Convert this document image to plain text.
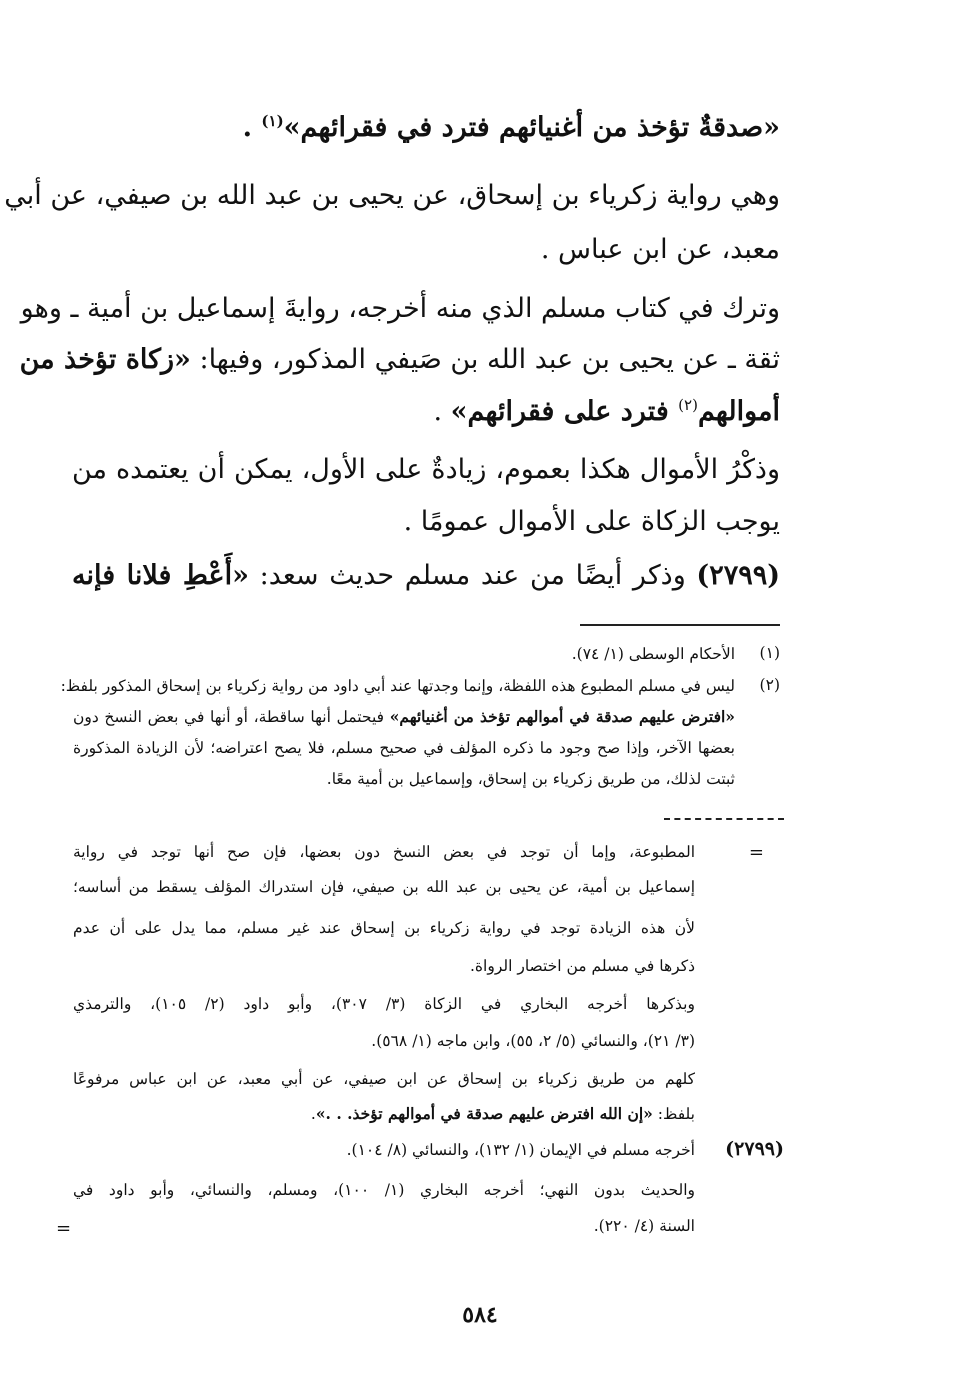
«صدقةٌ تؤخذ من أغنيائهم فترد في فقرائهم»$^{(١)}$ .
وهي رواية زكرياء بن إسحاق، عن يحيى بن عبد الله بن صيفي، عن أبي
معبد، عن ابن عباس .
وترك في كتاب مسلم الذي منه أخرجه، روايةَ إسماعيل بن أمية ـ وهو
ثقة ـ عن يحيى بن عبد الله بن صَيفي المذكور، وفيها: «زكاة تؤخذ من
أموالهم$^{(٢)}$ فترد على فقرائهم» .
وذكْرُ الأموال هكذا بعموم، زيادةٌ على الأول، يمكن أن يعتمده من
يوجب الزكاة على الأموال عمومًا .
(٢٧٩٩) وذكر أيضًا من عند مسلم حديث سعد: «أَعْطِ فلانا فإنه
(١)
الأحكام الوسطى (١/ ٧٤).
(٢)
ليس في مسلم المطبوع هذه اللفظة، وإنما وجدتها عند أبي داود من رواية زكرياء بن إسحاق المذكور بلفظ:
«افترض عليهم صدقة في أموالهم تؤخذ من أغنيائهم» فيحتمل أنها ساقطة، أو أنها في بعض النسخ دون
بعضها الآخر، وإذا صح وجود ما ذكره المؤلف في صحيح مسلم، فلا يصح اعتراضه؛ لأن الزيادة المذكورة
ثبتت لذلك، من طريق زكرياء بن إسحاق، وإسماعيل بن أمية معًا.
=
المطبوعة، وإما أن توجد في بعض النسخ دون بعضها، فإن صح أنها توجد في رواية
إسماعيل بن أمية، عن يحيى بن عبد الله بن صيفي، فإن استدراك المؤلف يسقط من أساسه؛
لأن هذه الزيادة توجد في رواية زكرياء بن إسحاق عند غير مسلم، مما يدل على أن عدم
ذكرها في مسلم من اختصار الرواة.
وبذكرها أخرجه البخاري في الزكاة (٣/ ٣٠٧)، وأبو داود (٢/ ١٠٥)، والترمذي
(٣/ ٢١)، والنسائي (٥/ ٢، ٥٥)، وابن ماجه (١/ ٥٦٨).
كلهم من طريق زكرياء بن إسحاق عن ابن صيفي، عن أبي معبد، عن ابن عباس مرفوعًا
بلفظ: «إن الله افترض عليهم صدقة في أموالهم تؤخذ. . .».
(٢٧٩٩)
أخرجه مسلم في الإيمان (١/ ١٣٢)، والنسائي (٨/ ١٠٤).
والحديث بدون النهي؛ أخرجه البخاري (١/ ١٠٠)، ومسلم، والنسائي، وأبو داود في
السنة (٤/ ٢٢٠).
=
٥٨٤
